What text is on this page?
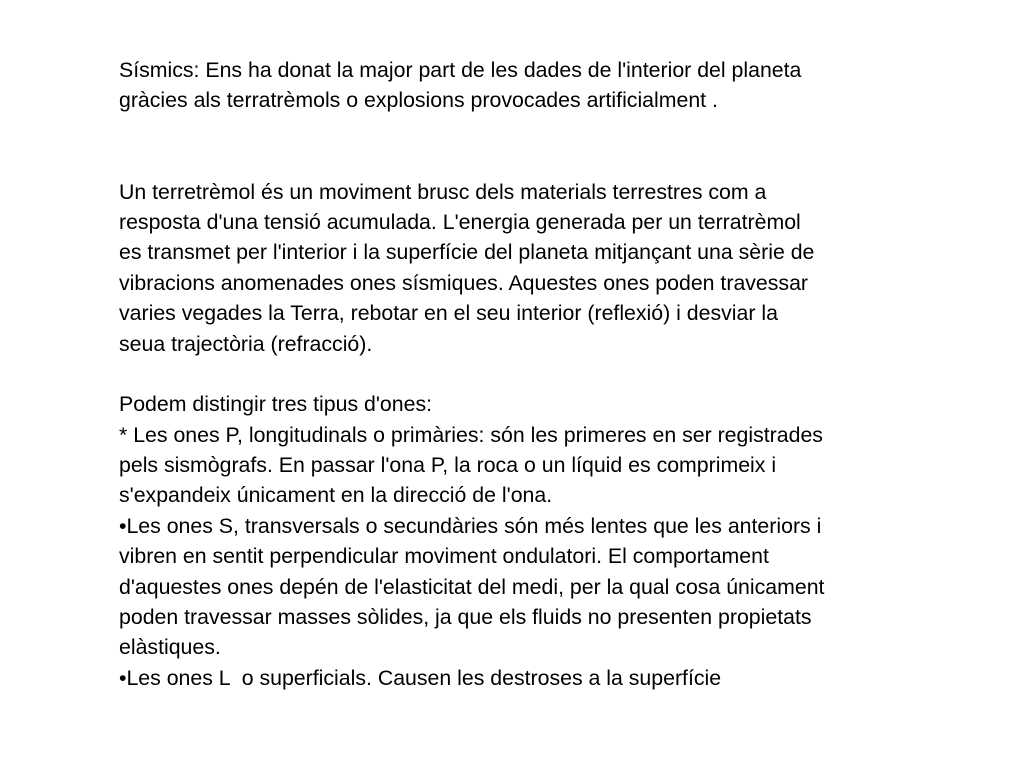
Sísmics: Ens ha donat la major part de les dades de l'interior del planeta
gràcies als terratrèmols o explosions provocades artificialment .
Un terretrèmol és un moviment brusc dels materials terrestres com a
resposta d'una tensió acumulada. L'energia generada per un terratrèmol
es transmet per l'interior i la superfície del planeta mitjançant una sèrie de
vibracions anomenades ones sísmiques. Aquestes ones poden travessar
varies vegades la Terra, rebotar en el seu interior (reflexió) i desviar la
seua trajectòria (refracció).
Podem distingir tres tipus d'ones:
* Les ones P, longitudinals o primàries: són les primeres en ser registrades
pels sismògrafs. En passar l'ona P, la roca o un líquid es comprimeix i
s'expandeix únicament en la direcció de l'ona.
•Les ones S, transversals o secundàries són més lentes que les anteriors i
vibren en sentit perpendicular moviment ondulatori. El comportament
d'aquestes ones depén de l'elasticitat del medi, per la qual cosa únicament
poden travessar masses sòlides, ja que els fluids no presenten propietats
elàstiques.
•Les ones L  o superficials. Causen les destroses a la superfície
